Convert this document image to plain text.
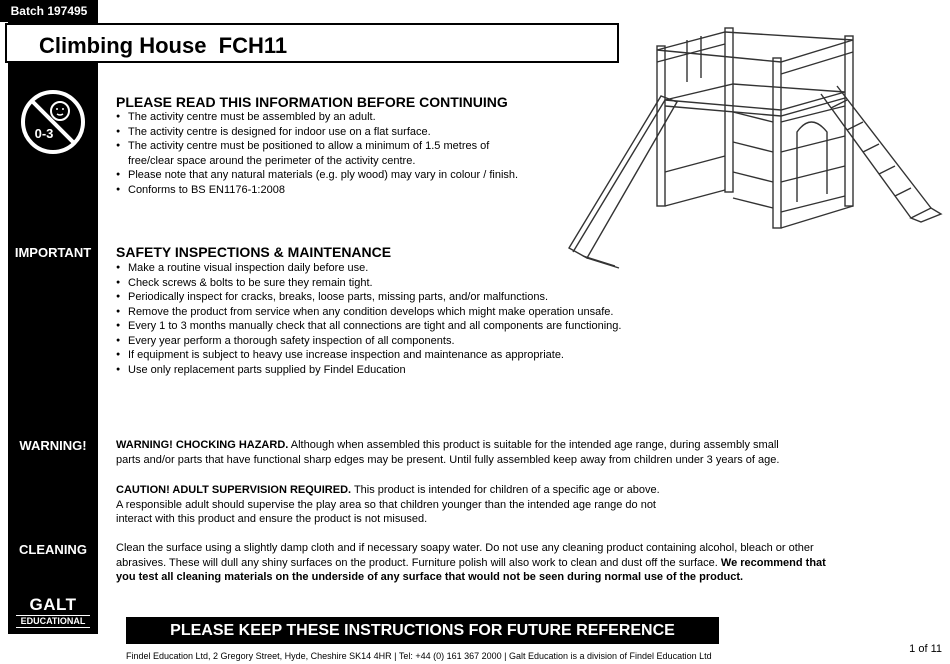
Batch 197495
Climbing House  FCH11
0-3
IMPORTANT
WARNING!
CLEANING
PLEASE READ THIS INFORMATION BEFORE CONTINUING
● The activity centre must be assembled by an adult.
● The activity centre is designed for indoor use on a flat surface.
● The activity centre must be positioned to allow a minimum of 1.5 metres of
free/clear space around the perimeter of the activity centre.
● Please note that any natural materials (e.g. ply wood) may vary in colour / finish.
● Conforms to BS EN1176-1:2008
SAFETY INSPECTIONS & MAINTENANCE
● Make a routine visual inspection daily before use.
● Check screws & bolts to be sure they remain tight.
● Periodically inspect for cracks, breaks, loose parts, missing parts, and/or malfunctions.
● Remove the product from service when any condition develops which might make operation unsafe.
● Every 1 to 3 months manually check that all connections are tight and all components are functioning.
● Every year perform a thorough safety inspection of all components.
● If equipment is subject to heavy use increase inspection and maintenance as appropriate.
● Use only replacement parts supplied by Findel Education
WARNING! CHOCKING HAZARD. Although when assembled this product is suitable for the intended age range, during assembly small
parts and/or parts that have functional sharp edges may be present. Until fully assembled keep away from children under 3 years of age.
CAUTION! ADULT SUPERVISION REQUIRED. This product is intended for children of a specific age or above.
A responsible adult should supervise the play area so that children younger than the intended age range do not
interact with this product and ensure the product is not misused.
Clean the surface using a slightly damp cloth and if necessary soapy water. Do not use any cleaning product containing alcohol, bleach or other
abrasives. These will dull any shiny surfaces on the product. Furniture polish will also work to clean and dust off the surface. We recommend that
you test all cleaning materials on the underside of any surface that would not be seen during normal use of the product.
GALT
EDUCATIONAL
PLEASE KEEP THESE INSTRUCTIONS FOR FUTURE REFERENCE
Findel Education Ltd, 2 Gregory Street, Hyde, Cheshire SK14 4HR | Tel: +44 (0) 161 367 2000 | Galt Education is a division of Findel Education Ltd
1 of 11
